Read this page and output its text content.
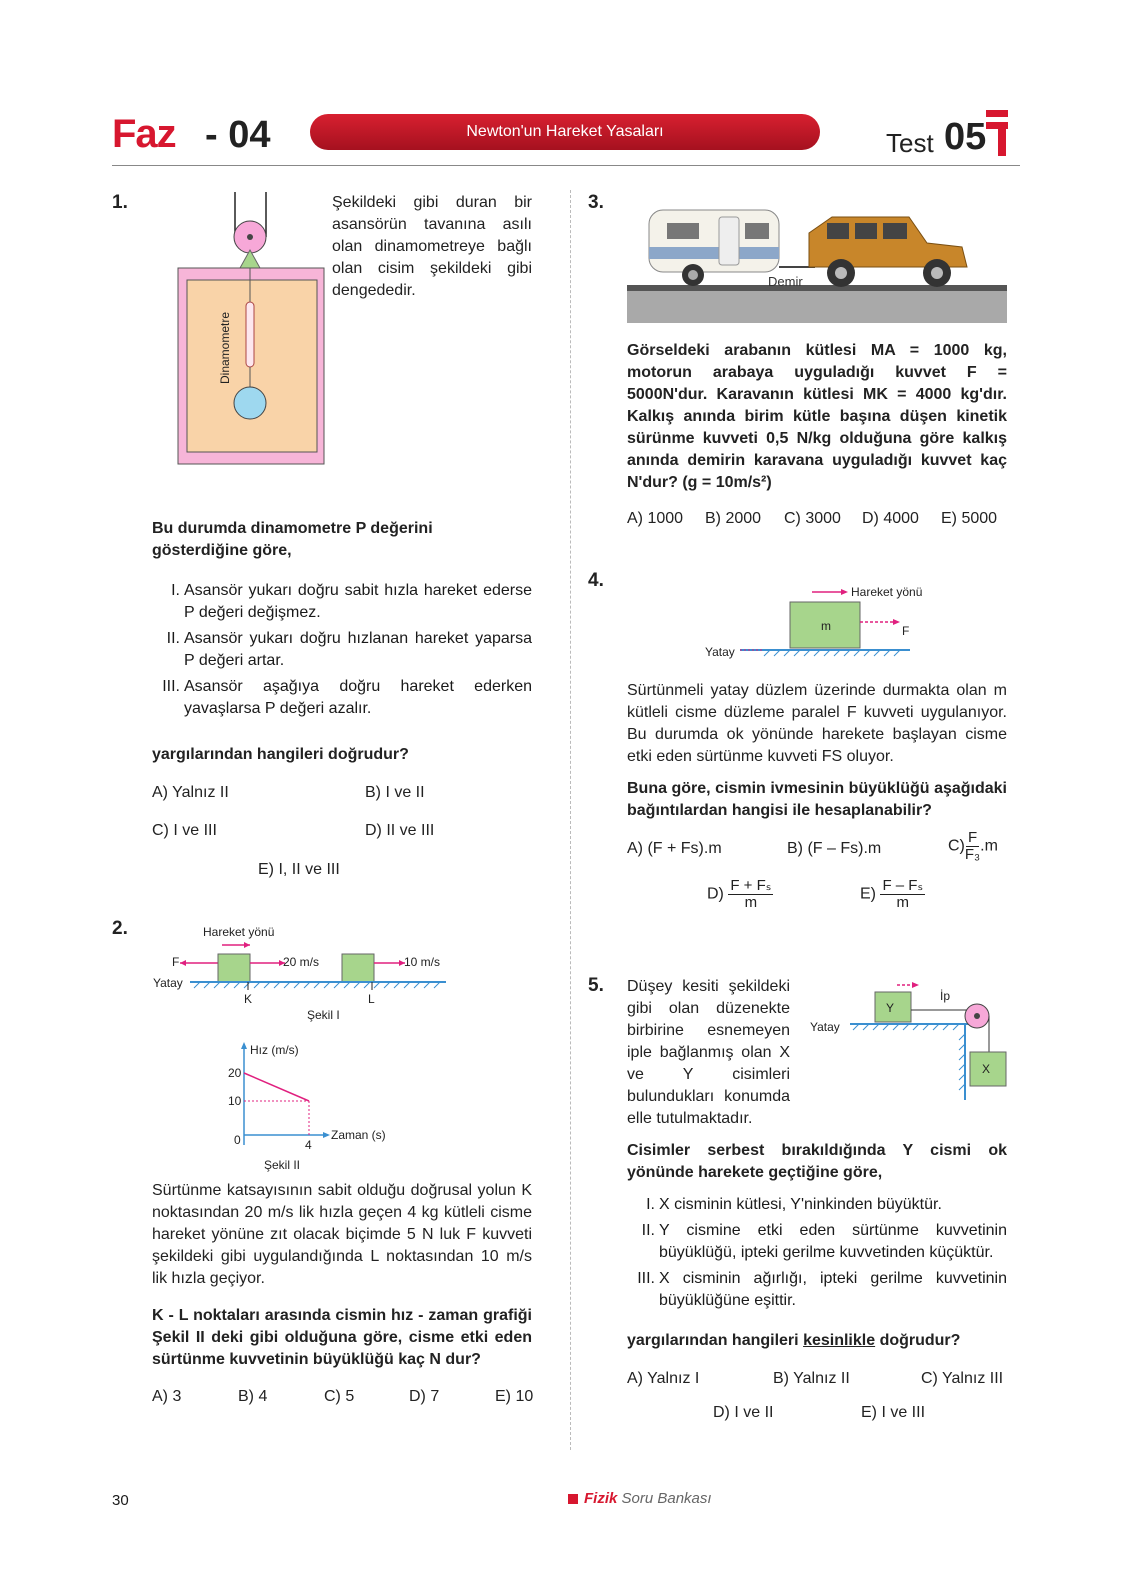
Faz - 04	Newton'un Hareket Yasaları	Test 05
1.
Dinamometre
Şekildeki gibi duran bir asansörün tavanına asılı olan dinamometreye bağlı olan cisim şekildeki gibi dengededir.
Bu durumda dinamometre P değerini gösterdiğine göre,
I. Asansör yukarı doğru sabit hızla hareket ederse P değeri değişmez.
II. Asansör yukarı doğru hızlanan hareket yaparsa P değeri artar.
III. Asansör aşağıya doğru hareket ederken yavaşlarsa P değeri azalır.
yargılarından hangileri doğrudur?
A) Yalnız II	B) I ve II
C) I ve III	D) II ve III
E) I, II ve III
2.	Hareket yönü
F	20 m/s	10 m/s
Yatay
K	L
Şekil I
Hız (m/s)
20
10
0	4
Zaman (s)
Şekil II
Sürtünme katsayısının sabit olduğu doğrusal yolun K noktasından 20 m/s lik hızla geçen 4 kg kütleli cisme hareket yönüne zıt olacak biçimde 5 N luk F kuvveti şekildeki gibi uygulandığında L noktasından 10 m/s lik hızla geçiyor.
K - L noktaları arasında cismin hız - zaman grafiği Şekil II deki gibi olduğuna göre, cisme etki eden sürtünme kuvvetinin büyüklüğü kaç N dur?
A) 3	B) 4	C) 5	D) 7	E) 10
3.
Demir
Görseldeki arabanın kütlesi MA = 1000 kg, motorun arabaya uyguladığı kuvvet F = 5000N'dur. Karavanın kütlesi MK = 4000 kg'dır. Kalkış anında birim kütle başına düşen kinetik sürünme kuvveti 0,5 N/kg olduğuna göre kalkış anında demirin karavana uyguladığı kuvvet kaç N'dur? (g = 10m/s²)
A) 1000 B) 2000 C) 3000 D) 4000 E) 5000
4.
Hareket yönü
m	F
Yatay
Sürtünmeli yatay düzlem üzerinde durmakta olan m kütleli cisme düzleme paralel F kuvveti uygulanıyor. Bu durumda ok yönünde harekete başlayan cisme etki eden sürtünme kuvveti FS oluyor.
Buna göre, cismin ivmesinin büyüklüğü aşağıdaki bağıntılardan hangisi ile hesaplanabilir?
A) (F + Fs).m	B) (F – Fs).m	$C) \frac{F}{\text{F₃}} .m$
$D) \frac{\text{F + Fₛ}}{m}$	$E) \frac{\text{F – Fₛ}}{m}$
5. Düşey kesiti şekildeki gibi olan düzenekte birbirine esnemeyen iple bağlanmış olan X ve Y cisimleri bulundukları konumda elle tutulmaktadır.
İp
Y
X
Yatay
Cisimler serbest bırakıldığında Y cismi ok yönünde harekete geçtiğine göre,
I. X cisminin kütlesi, Y'ninkinden büyüktür.
II. Y cismine etki eden sürtünme kuvvetinin büyüklüğü, ipteki gerilme kuvvetinden küçüktür.
III. X cisminin ağırlığı, ipteki gerilme kuvvetinin büyüklüğüne eşittir.
yargılarından hangileri kesinlikle doğrudur?
A) Yalnız I	B) Yalnız II	C) Yalnız III
D) I ve II	E) I ve III
30	Fizik Soru Bankası
